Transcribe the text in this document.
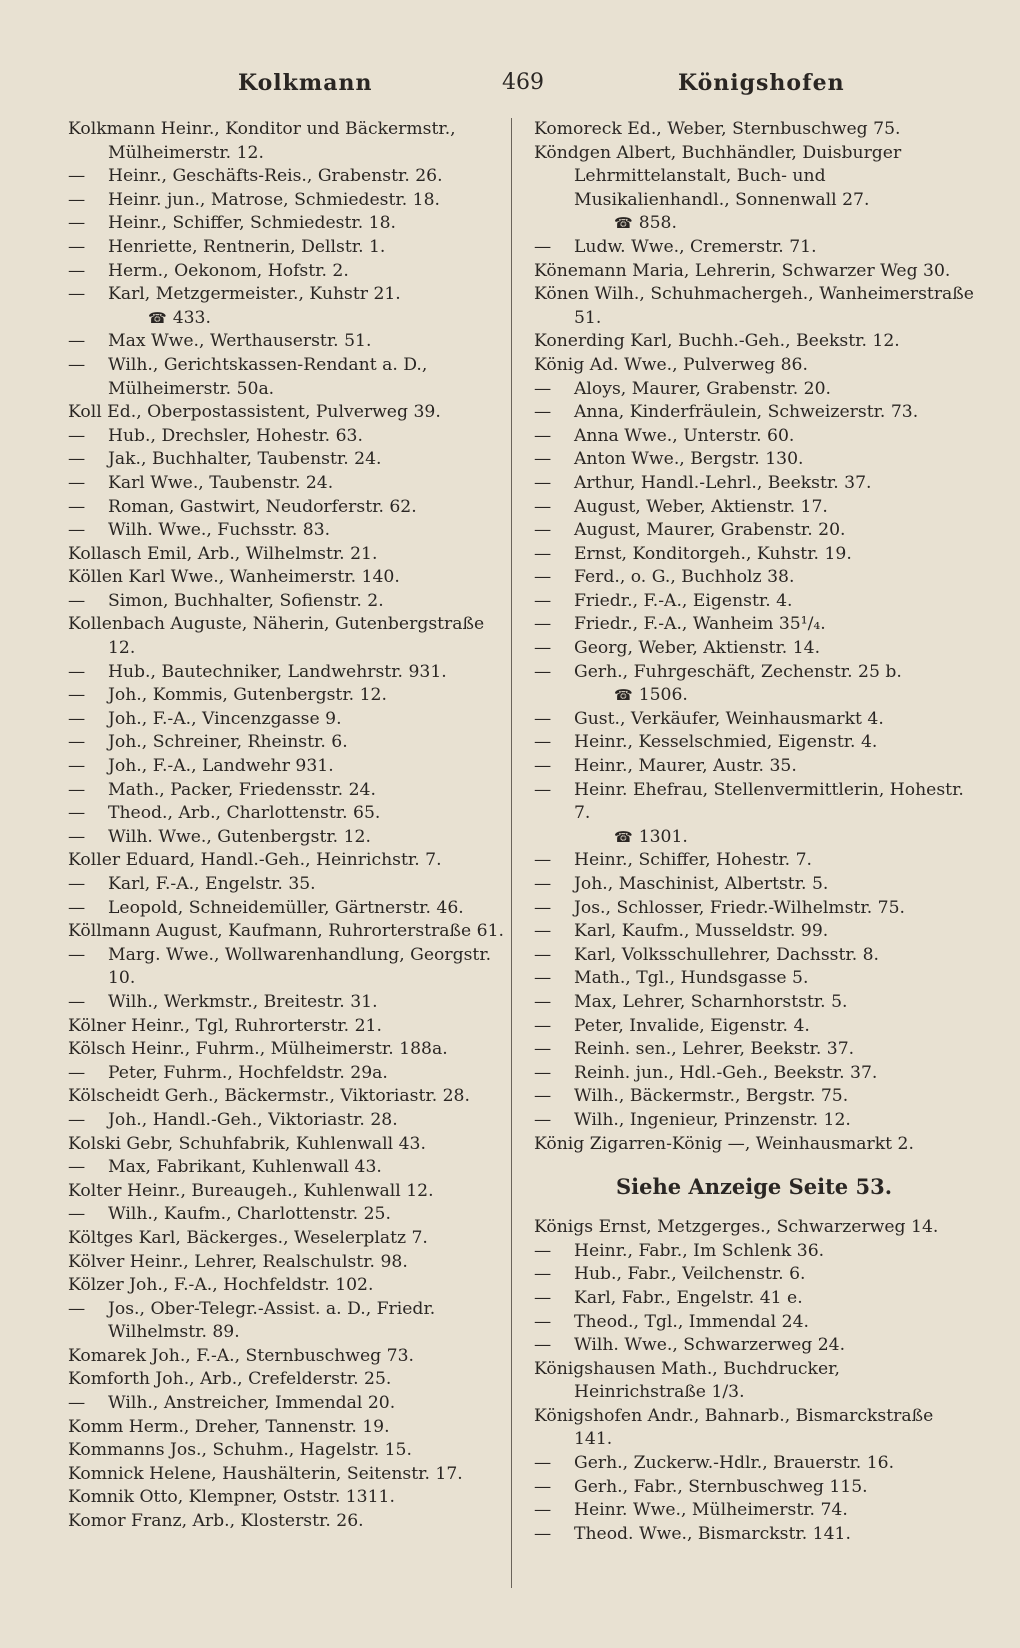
Kolkmann	469	Königshofen

Kolkmann Heinr., Konditor und Bäckermstr., Mülheimerstr. 12.

— Heinr., Geschäfts-Reis., Grabenstr. 26.

— Heinr. jun., Matrose, Schmiedestr. 18.

— Heinr., Schiffer, Schmiedestr. 18.

— Henriette, Rentnerin, Dellstr. 1.

— Herm., Oekonom, Hofstr. 2.

— Karl, Metzgermeister., Kuhstr 21.
☎ 433.

— Max Wwe., Werthauserstr. 51.

— Wilh., Gerichtskassen-Rendant a. D., Mülheimerstr. 50a.

Koll Ed., Oberpostassistent, Pulverweg 39.

— Hub., Drechsler, Hohestr. 63.

— Jak., Buchhalter, Taubenstr. 24.

— Karl Wwe., Taubenstr. 24.

— Roman, Gastwirt, Neudorferstr. 62.

— Wilh. Wwe., Fuchsstr. 83.

Kollasch Emil, Arb., Wilhelmstr. 21.

Köllen Karl Wwe., Wanheimerstr. 140.

— Simon, Buchhalter, Sofienstr. 2.

Kollenbach Auguste, Näherin, Gutenbergstraße 12.

— Hub., Bautechniker, Landwehrstr. 931.

— Joh., Kommis, Gutenbergstr. 12.

— Joh., F.-A., Vincenzgasse 9.

— Joh., Schreiner, Rheinstr. 6.

— Joh., F.-A., Landwehr 931.

— Math., Packer, Friedensstr. 24.

— Theod., Arb., Charlottenstr. 65.

— Wilh. Wwe., Gutenbergstr. 12.

Koller Eduard, Handl.-Geh., Heinrichstr. 7.

— Karl, F.-A., Engelstr. 35.

— Leopold, Schneidemüller, Gärtnerstr. 46.

Köllmann August, Kaufmann, Ruhrorterstraße 61.

— Marg. Wwe., Wollwarenhandlung, Georgstr. 10.

— Wilh., Werkmstr., Breitestr. 31.

Kölner Heinr., Tgl, Ruhrorterstr. 21.

Kölsch Heinr., Fuhrm., Mülheimerstr. 188a.

— Peter, Fuhrm., Hochfeldstr. 29a.

Kölscheidt Gerh., Bäckermstr., Viktoriastr. 28.

— Joh., Handl.-Geh., Viktoriastr. 28.

Kolski Gebr, Schuhfabrik, Kuhlenwall 43.

— Max, Fabrikant, Kuhlenwall 43.

Kolter Heinr., Bureaugeh., Kuhlenwall 12.

— Wilh., Kaufm., Charlottenstr. 25.

Költges Karl, Bäckerges., Weselerplatz 7.

Kölver Heinr., Lehrer, Realschulstr. 98.

Kölzer Joh., F.-A., Hochfeldstr. 102.

— Jos., Ober-Telegr.-Assist. a. D., Friedr. Wilhelmstr. 89.

Komarek Joh., F.-A., Sternbuschweg 73.

Komforth Joh., Arb., Crefelderstr. 25.

— Wilh., Anstreicher, Immendal 20.

Komm Herm., Dreher, Tannenstr. 19.

Kommanns Jos., Schuhm., Hagelstr. 15.

Komnick Helene, Haushälterin, Seitenstr. 17.

Komnik Otto, Klempner, Oststr. 1311.

Komor Franz, Arb., Klosterstr. 26.

Komoreck Ed., Weber, Sternbuschweg 75.

Köndgen Albert, Buchhändler, Duisburger Lehrmittelanstalt, Buch- und Musikalienhandl., Sonnenwall 27.
☎ 858.

— Ludw. Wwe., Cremerstr. 71.

Könemann Maria, Lehrerin, Schwarzer Weg 30.

Könen Wilh., Schuhmachergeh., Wanheimerstraße 51.

Konerding Karl, Buchh.-Geh., Beekstr. 12.

König Ad. Wwe., Pulverweg 86.

— Aloys, Maurer, Grabenstr. 20.

— Anna, Kinderfräulein, Schweizerstr. 73.

— Anna Wwe., Unterstr. 60.

— Anton Wwe., Bergstr. 130.

— Arthur, Handl.-Lehrl., Beekstr. 37.

— August, Weber, Aktienstr. 17.

— August, Maurer, Grabenstr. 20.

— Ernst, Konditorgeh., Kuhstr. 19.

— Ferd., o. G., Buchholz 38.

— Friedr., F.-A., Eigenstr. 4.

— Friedr., F.-A., Wanheim 35¹/₄.

— Georg, Weber, Aktienstr. 14.

— Gerh., Fuhrgeschäft, Zechenstr. 25 b.
☎ 1506.

— Gust., Verkäufer, Weinhausmarkt 4.

— Heinr., Kesselschmied, Eigenstr. 4.

— Heinr., Maurer, Austr. 35.

— Heinr. Ehefrau, Stellenvermittlerin, Hohestr. 7.
☎ 1301.

— Heinr., Schiffer, Hohestr. 7.

— Joh., Maschinist, Albertstr. 5.

— Jos., Schlosser, Friedr.-Wilhelmstr. 75.

— Karl, Kaufm., Musseldstr. 99.

— Karl, Volksschullehrer, Dachsstr. 8.

— Math., Tgl., Hundsgasse 5.

— Max, Lehrer, Scharnhorststr. 5.

— Peter, Invalide, Eigenstr. 4.

— Reinh. sen., Lehrer, Beekstr. 37.

— Reinh. jun., Hdl.-Geh., Beekstr. 37.

— Wilh., Bäckermstr., Bergstr. 75.

— Wilh., Ingenieur, Prinzenstr. 12.

König Zigarren-König —, Weinhausmarkt 2.

Siehe Anzeige Seite 53.

Königs Ernst, Metzgerges., Schwarzerweg 14.

— Heinr., Fabr., Im Schlenk 36.

— Hub., Fabr., Veilchenstr. 6.

— Karl, Fabr., Engelstr. 41 e.

— Theod., Tgl., Immendal 24.

— Wilh. Wwe., Schwarzerweg 24.

Königshausen Math., Buchdrucker, Heinrichstraße 1/3.

Königshofen Andr., Bahnarb., Bismarckstraße 141.

— Gerh., Zuckerw.-Hdlr., Brauerstr. 16.

— Gerh., Fabr., Sternbuschweg 115.

— Heinr. Wwe., Mülheimerstr. 74.

— Theod. Wwe., Bismarckstr. 141.
